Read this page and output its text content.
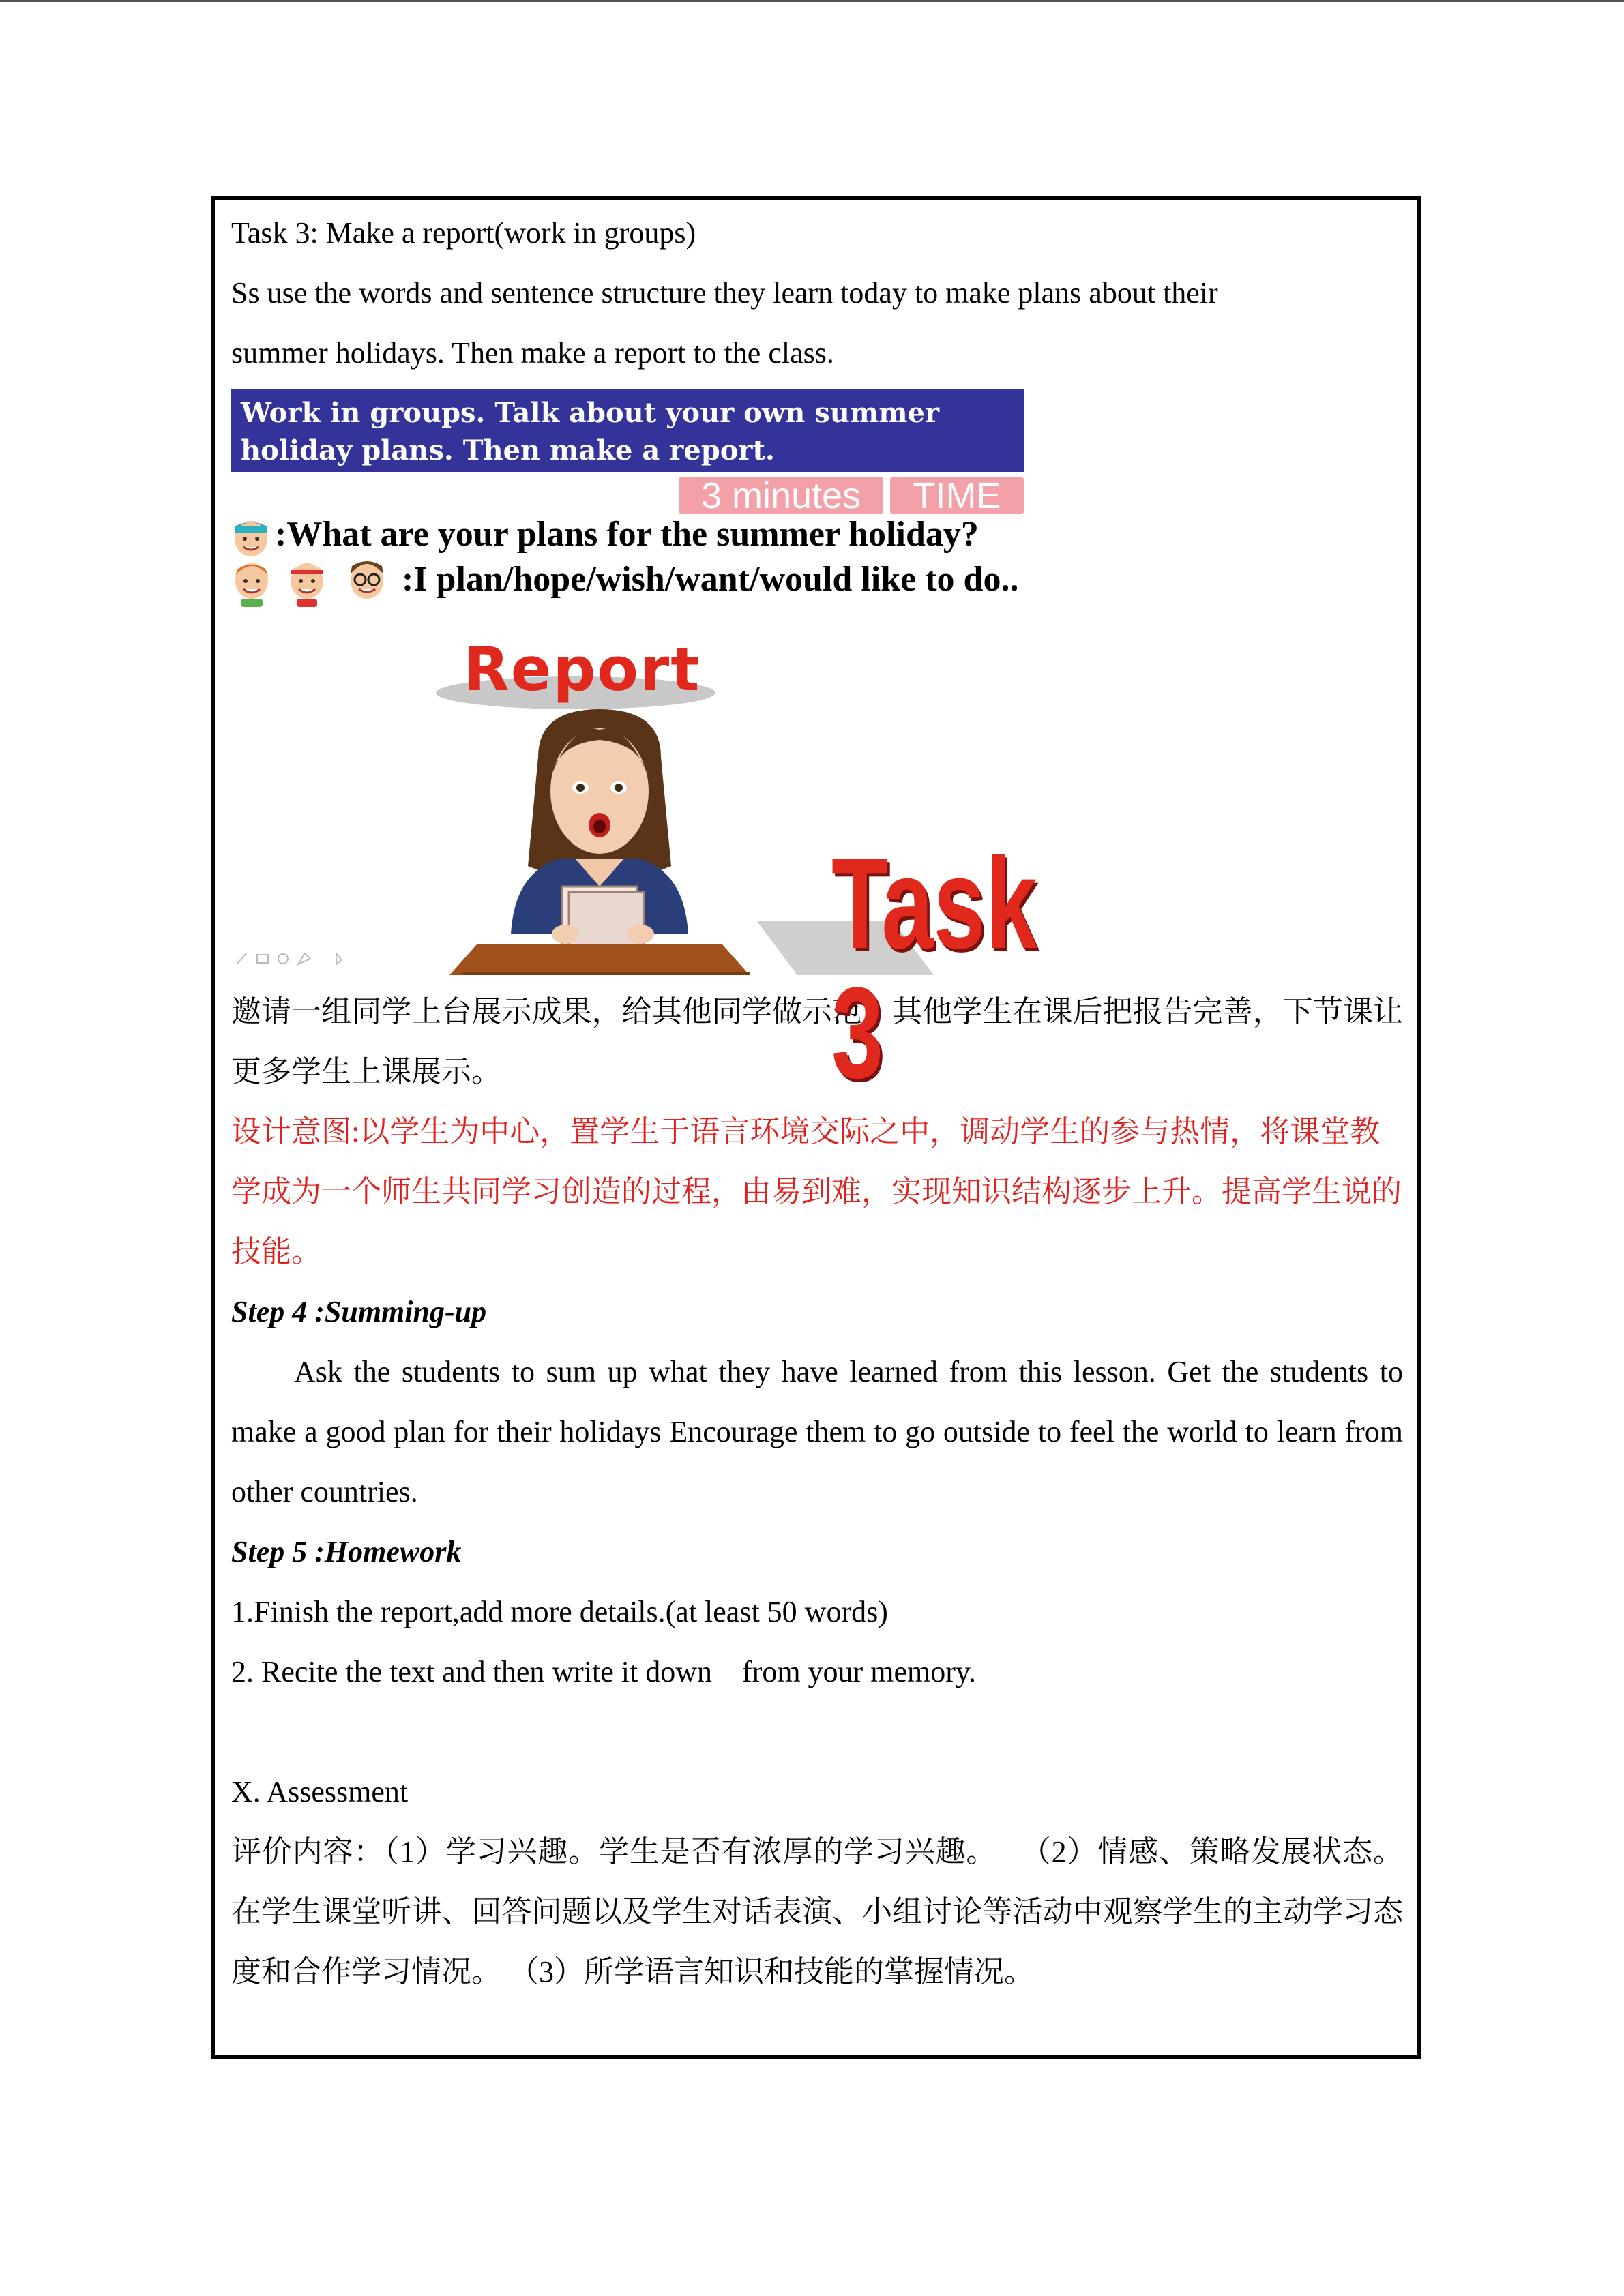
Task 3: Make a report(work in groups)
Ss use the words and sentence structure they learn today to make plans about their
summer holidays. Then make a report to the class.
Work in groups. Talk about your own summer
holiday plans. Then make a report.
3 minutes	TIME
:What are your plans for the summer holiday?
:I plan/hope/wish/want/would like to do..
Report
Task 3
邀请一组同学上台展示成果，给其他同学做示范，其他学生在课后把报告完善，下节课让更多学生上课展示。
设计意图:以学生为中心，置学生于语言环境交际之中，调动学生的参与热情，将课堂教学成为一个师生共同学习创造的过程，由易到难，实现知识结构逐步上升。提高学生说的技能。
Step 4 :Summing-up
Ask the students to sum up what they have learned from this lesson. Get the students to make a good plan for their holidays Encourage them to go outside to feel the world to learn from other countries.
Step 5 :Homework
1.Finish the report,add more details.(at least 50 words)
2. Recite the text and then write it down    from your memory.
X. Assessment
评价内容：（1）学习兴趣。学生是否有浓厚的学习兴趣。   （2）情感、策略发展状态。在学生课堂听讲、回答问题以及学生对话表演、小组讨论等活动中观察学生的主动学习态度和合作学习情况。 （3）所学语言知识和技能的掌握情况。
